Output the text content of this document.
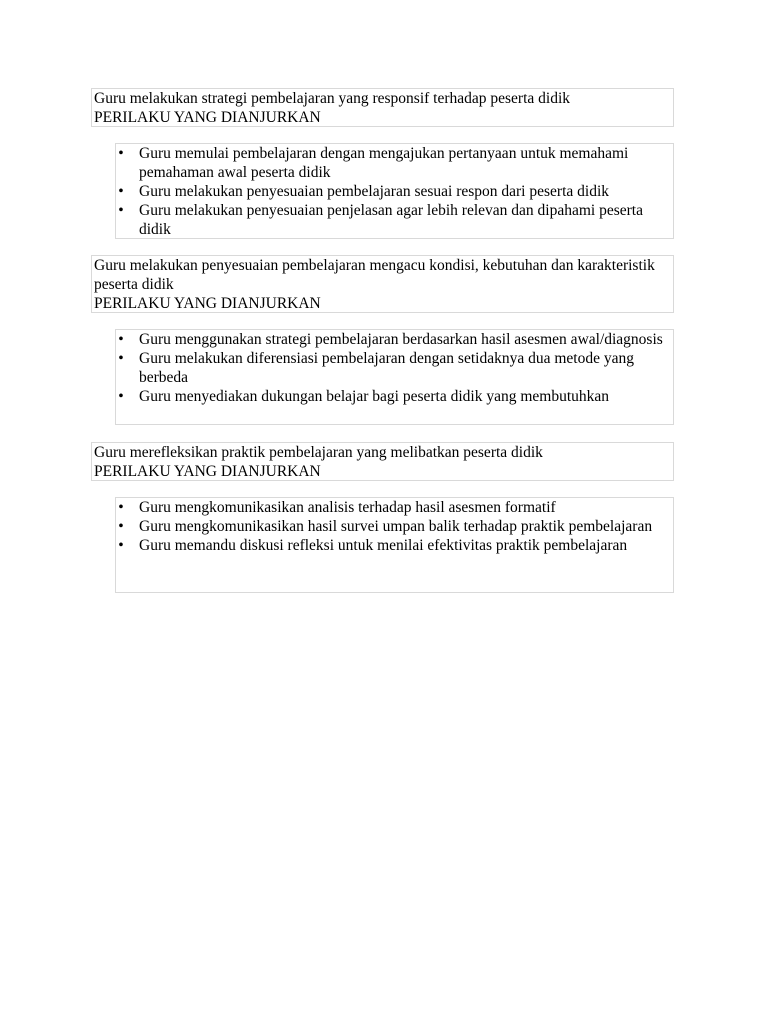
Guru melakukan strategi pembelajaran yang responsif terhadap peserta didik
PERILAKU YANG DIANJURKAN
• Guru memulai pembelajaran dengan mengajukan pertanyaan untuk memahami pemahaman awal peserta didik
• Guru melakukan penyesuaian pembelajaran sesuai respon dari peserta didik
• Guru melakukan penyesuaian penjelasan agar lebih relevan dan dipahami peserta didik
Guru melakukan penyesuaian pembelajaran mengacu kondisi, kebutuhan dan karakteristik peserta didik
PERILAKU YANG DIANJURKAN
• Guru menggunakan strategi pembelajaran berdasarkan hasil asesmen awal/diagnosis
• Guru melakukan diferensiasi pembelajaran dengan setidaknya dua metode yang berbeda
• Guru menyediakan dukungan belajar bagi peserta didik yang membutuhkan
Guru merefleksikan praktik pembelajaran yang melibatkan peserta didik
PERILAKU YANG DIANJURKAN
• Guru mengkomunikasikan analisis terhadap hasil asesmen formatif
• Guru mengkomunikasikan hasil survei umpan balik terhadap praktik pembelajaran
• Guru memandu diskusi refleksi untuk menilai efektivitas praktik pembelajaran
